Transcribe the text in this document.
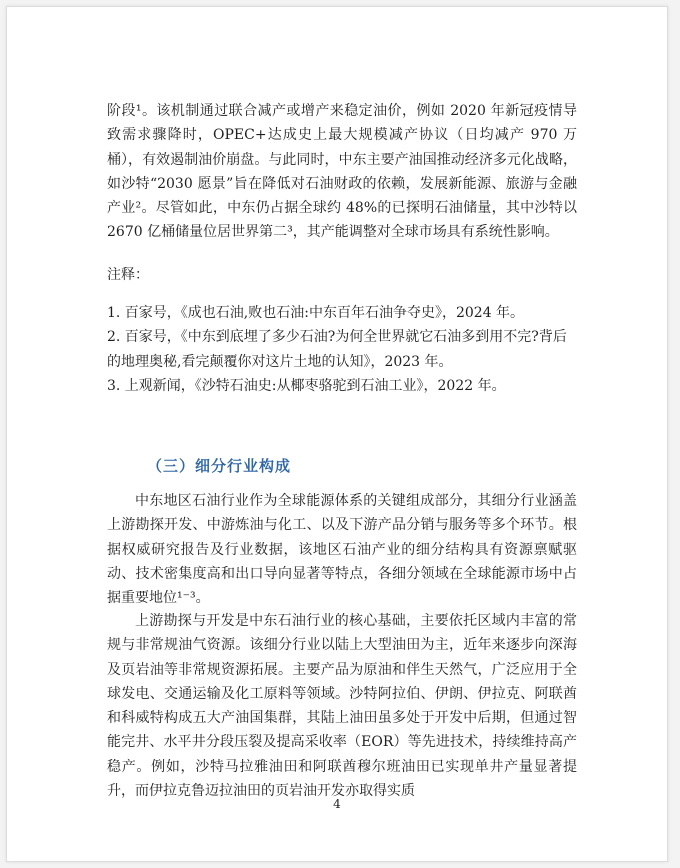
阶段¹。该机制通过联合减产或增产来稳定油价，例如 2020 年新冠疫情导致需求骤降时，OPEC+达成史上最大规模减产协议（日均减产 970 万桶），有效遏制油价崩盘。与此同时，中东主要产油国推动经济多元化战略，如沙特“2030 愿景”旨在降低对石油财政的依赖，发展新能源、旅游与金融产业²。尽管如此，中东仍占据全球约 48%的已探明石油储量，其中沙特以 2670 亿桶储量位居世界第二³，其产能调整对全球市场具有系统性影响。

注释：

1. 百家号，《成也石油,败也石油:中东百年石油争夺史》，2024 年。
2. 百家号，《中东到底埋了多少石油?为何全世界就它石油多到用不完?背后的地理奥秘,看完颠覆你对这片土地的认知》，2023 年。
3. 上观新闻，《沙特石油史:从椰枣骆驼到石油工业》，2022 年。
（三）细分行业构成

中东地区石油行业作为全球能源体系的关键组成部分，其细分行业涵盖上游勘探开发、中游炼油与化工、以及下游产品分销与服务等多个环节。根据权威研究报告及行业数据，该地区石油产业的细分结构具有资源禀赋驱动、技术密集度高和出口导向显著等特点，各细分领域在全球能源市场中占据重要地位¹⁻³。

上游勘探与开发是中东石油行业的核心基础，主要依托区域内丰富的常规与非常规油气资源。该细分行业以陆上大型油田为主，近年来逐步向深海及页岩油等非常规资源拓展。主要产品为原油和伴生天然气，广泛应用于全球发电、交通运输及化工原料等领域。沙特阿拉伯、伊朗、伊拉克、阿联酋和科威特构成五大产油国集群，其陆上油田虽多处于开发中后期，但通过智能完井、水平井分段压裂及提高采收率（EOR）等先进技术，持续维持高产稳产。例如，沙特马拉雅油田和阿联酋穆尔班油田已实现单井产量显著提升，而伊拉克鲁迈拉油田的页岩油开发亦取得实质

4
